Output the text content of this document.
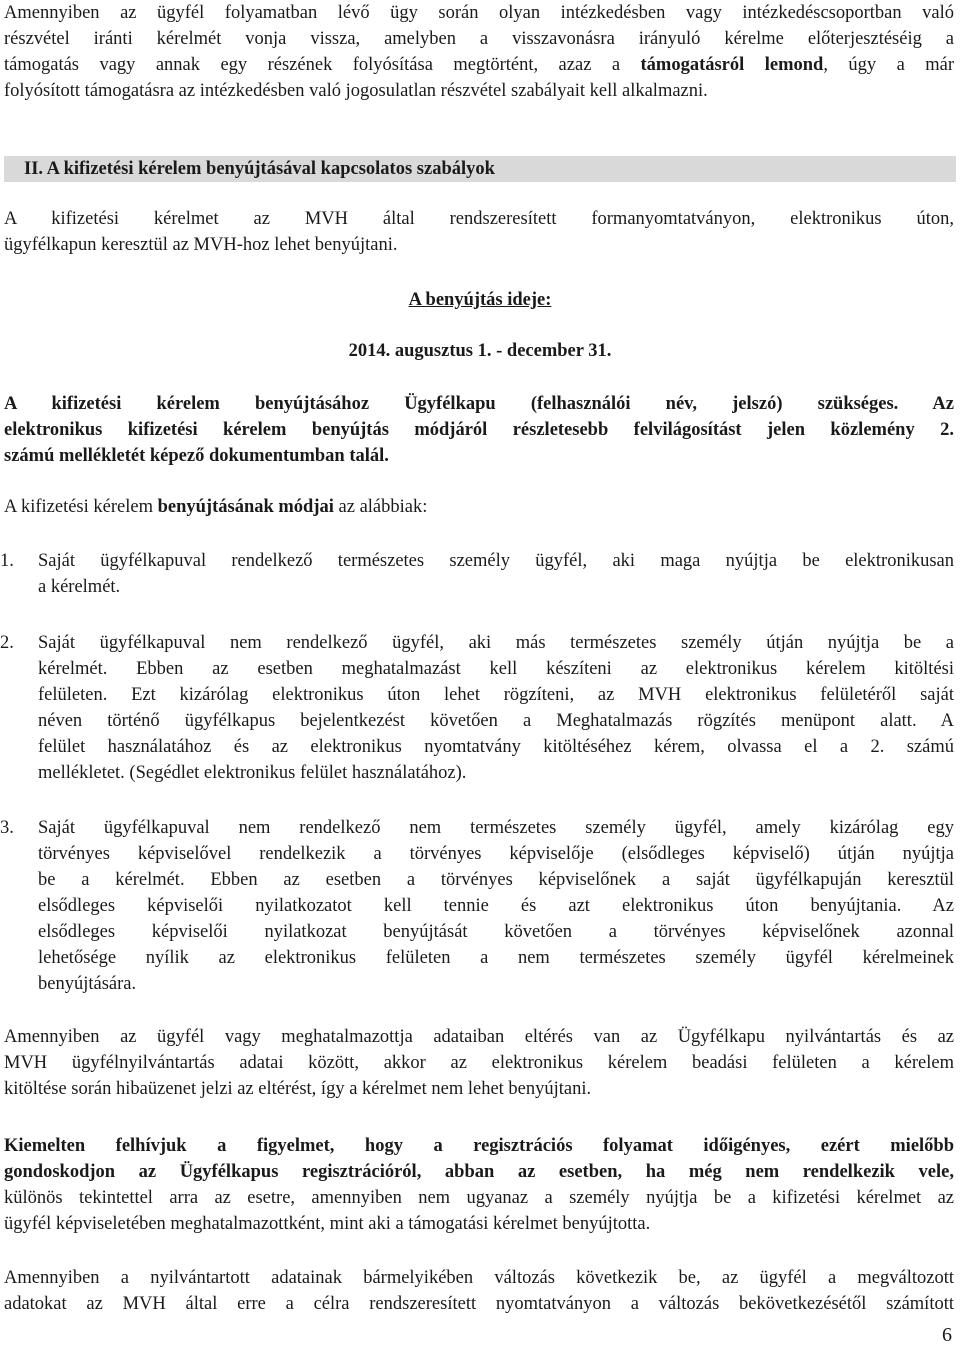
Amennyiben az ügyfél folyamatban lévő ügy során olyan intézkedésben vagy intézkedéscsoportban való
részvétel iránti kérelmét vonja vissza, amelyben a visszavonásra irányuló kérelme előterjesztéséig a
támogatás vagy annak egy részének folyósítása megtörtént, azaz a támogatásról lemond, úgy a már
folyósított támogatásra az intézkedésben való jogosulatlan részvétel szabályait kell alkalmazni.
II. A kifizetési kérelem benyújtásával kapcsolatos szabályok
A kifizetési kérelmet az MVH által rendszeresített formanyomtatványon, elektronikus úton,
ügyfélkapun keresztül az MVH-hoz lehet benyújtani.
A benyújtás ideje:
2014. augusztus 1. - december 31.
A kifizetési kérelem benyújtásához Ügyfélkapu (felhasználói név, jelszó) szükséges. Az
elektronikus kifizetési kérelem benyújtás módjáról részletesebb felvilágosítást jelen közlemény 2.
számú mellékletét képező dokumentumban talál.
A kifizetési kérelem benyújtásának módjai az alábbiak:
1. Saját ügyfélkapuval rendelkező természetes személy ügyfél, aki maga nyújtja be elektronikusan
a kérelmét.
2. Saját ügyfélkapuval nem rendelkező ügyfél, aki más természetes személy útján nyújtja be a
kérelmét. Ebben az esetben meghatalmazást kell készíteni az elektronikus kérelem kitöltési
felületen. Ezt kizárólag elektronikus úton lehet rögzíteni, az MVH elektronikus felületéről saját
néven történő ügyfélkapus bejelentkezést követően a Meghatalmazás rögzítés menüpont alatt. A
felület használatához és az elektronikus nyomtatvány kitöltéséhez kérem, olvassa el a 2. számú
mellékletet. (Segédlet elektronikus felület használatához).
3. Saját ügyfélkapuval nem rendelkező nem természetes személy ügyfél, amely kizárólag egy
törvényes képviselővel rendelkezik a törvényes képviselője (elsődleges képviselő) útján nyújtja
be a kérelmét. Ebben az esetben a törvényes képviselőnek a saját ügyfélkapuján keresztül
elsődleges képviselői nyilatkozatot kell tennie és azt elektronikus úton benyújtania. Az
elsődleges képviselői nyilatkozat benyújtását követően a törvényes képviselőnek azonnal
lehetősége nyílik az elektronikus felületen a nem természetes személy ügyfél kérelmeinek
benyújtására.
Amennyiben az ügyfél vagy meghatalmazottja adataiban eltérés van az Ügyfélkapu nyilvántartás és az
MVH ügyfélnyilvántartás adatai között, akkor az elektronikus kérelem beadási felületen a kérelem
kitöltése során hibaüzenet jelzi az eltérést, így a kérelmet nem lehet benyújtani.
Kiemelten felhívjuk a figyelmet, hogy a regisztrációs folyamat időigényes, ezért mielőbb
gondoskodjon az Ügyfélkapus regisztrációról, abban az esetben, ha még nem rendelkezik vele,
különös tekintettel arra az esetre, amennyiben nem ugyanaz a személy nyújtja be a kifizetési kérelmet az
ügyfél képviseletében meghatalmazottként, mint aki a támogatási kérelmet benyújtotta.
Amennyiben a nyilvántartott adatainak bármelyikében változás következik be, az ügyfél a megváltozott
adatokat az MVH által erre a célra rendszeresített nyomtatványon a változás bekövetkezésétől számított
6
